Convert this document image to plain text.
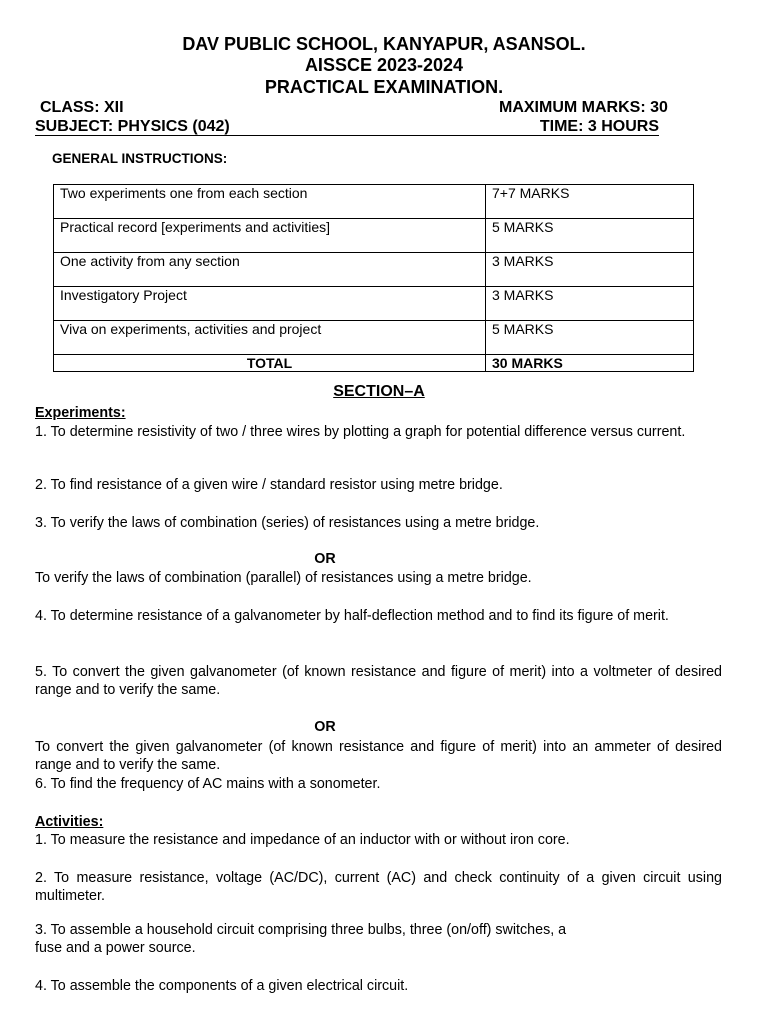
DAV PUBLIC SCHOOL, KANYAPUR, ASANSOL.
AISSCE 2023-2024
PRACTICAL EXAMINATION.
CLASS: XII	MAXIMUM MARKS: 30
SUBJECT: PHYSICS (042)	TIME: 3 HOURS
GENERAL INSTRUCTIONS:
Two experiments one from each section	7+7 MARKS
Practical record [experiments and activities]	5 MARKS
One activity from any section	3 MARKS
Investigatory Project	3 MARKS
Viva on experiments, activities and project	5 MARKS
TOTAL	30 MARKS
SECTION–A
Experiments:
1. To determine resistivity of two / three wires by plotting a graph for potential difference versus current.
2. To find resistance of a given wire / standard resistor using metre bridge.
3. To verify the laws of combination (series) of resistances using a metre bridge.
OR
To verify the laws of combination (parallel) of resistances using a metre bridge.
4. To determine resistance of a galvanometer by half-deflection method and to find its figure of merit.
5. To convert the given galvanometer (of known resistance and figure of merit) into a voltmeter of desired range and to verify the same.
OR
To convert the given galvanometer (of known resistance and figure of merit) into an ammeter of desired range and to verify the same.
6. To find the frequency of AC mains with a sonometer.
Activities:
1. To measure the resistance and impedance of an inductor with or without iron core.
2. To measure resistance, voltage (AC/DC), current (AC) and check continuity of a given circuit using multimeter.
3. To assemble a household circuit comprising three bulbs, three (on/off) switches, a
fuse and a power source.
4. To assemble the components of a given electrical circuit.
